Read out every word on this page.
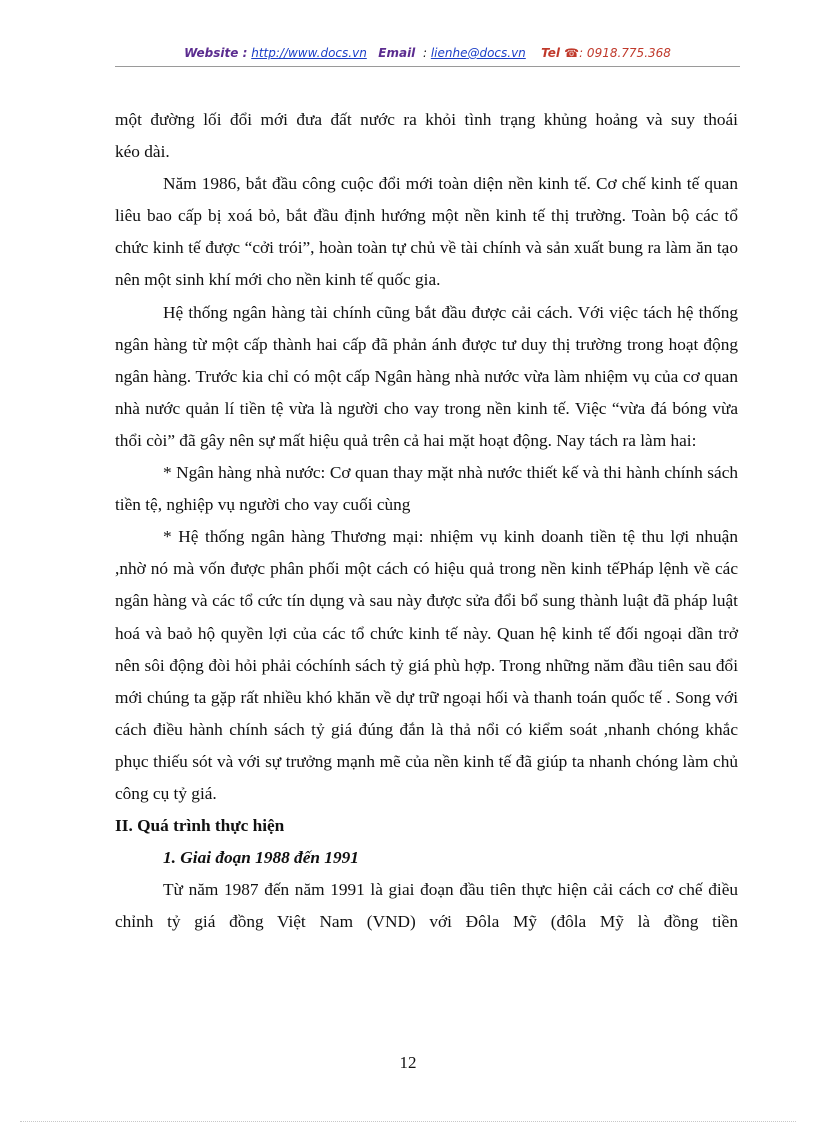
Website : http://www.docs.vn Email : lienhe@docs.vn Tel ☎: 0918.775.368

một đường lối đổi mới đưa đất nước ra khỏi tình trạng khủng hoảng và suy thoái

kéo dài.

Năm 1986, bắt đầu công cuộc đổi mới toàn diện nền kinh tế. Cơ chế kinh tế quan liêu bao cấp bị xoá bỏ, bắt đầu định hướng một nền kinh tế thị trường. Toàn bộ các tổ chức kinh tế được “cởi trói”, hoàn toàn tự chủ về tài chính và sản xuất bung ra làm ăn tạo nên một sinh khí mới cho nền kinh tế quốc gia.

Hệ thống ngân hàng tài chính cũng bắt đầu được cải cách. Với việc tách hệ thống ngân hàng từ một cấp thành hai cấp đã phản ánh được tư duy thị trường trong hoạt động ngân hàng. Trước kia chỉ có một cấp Ngân hàng nhà nước vừa làm nhiệm vụ của cơ quan nhà nước quản lí tiền tệ vừa là người cho vay trong nền kinh tế. Việc “vừa đá bóng vừa thổi còi” đã gây nên sự mất hiệu quả trên cả hai mặt hoạt động. Nay tách ra làm hai:

* Ngân hàng nhà nước: Cơ quan thay mặt nhà nước thiết kế và thi hành chính sách tiền tệ, nghiệp vụ người cho vay cuối cùng

* Hệ thống ngân hàng Thương mại: nhiệm vụ kinh doanh tiền tệ thu lợi nhuận ,nhờ nó mà vốn được phân phối một cách có hiệu quả trong nền kinh tếPháp lệnh về các ngân hàng và các tổ cức tín dụng và sau này được sửa đổi bổ sung thành luật đã pháp luật hoá và baỏ hộ quyền lợi của các tổ chức kinh tế này. Quan hệ kinh tế đối ngoại dần trở nên sôi động đòi hỏi phải cóchính sách tỷ giá phù hợp. Trong những năm đầu tiên sau đổi mới chúng ta gặp rất nhiều khó khăn về dự trữ ngoại hối và thanh toán quốc tế . Song với cách điều hành chính sách tỷ giá đúng đắn là thả nổi có kiểm soát ,nhanh chóng khắc phục thiếu sót và với sự trưởng mạnh mẽ của nền kinh tế đã giúp ta nhanh chóng làm chủ công cụ tỷ giá.

II. Quá trình thực hiện

1. Giai đoạn 1988 đến 1991

Từ năm 1987 đến năm 1991 là giai đoạn đầu tiên thực hiện cải cách cơ chế điều chỉnh tỷ giá đồng Việt Nam (VND) với Đôla Mỹ (đôla Mỹ là đồng tiền

12
